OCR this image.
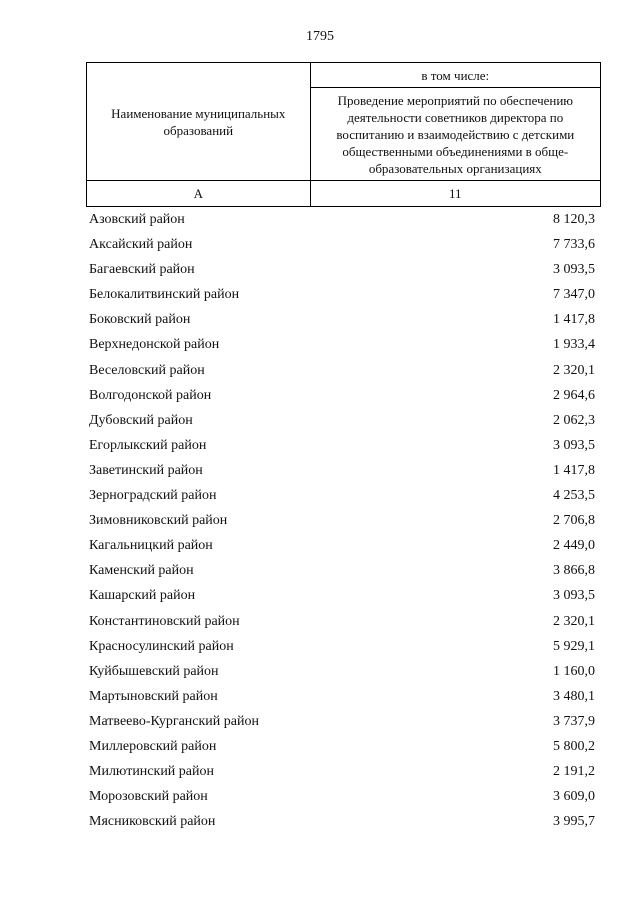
1795
Наименование муниципальных образований	в том числе:
	Проведение мероприятий по обеспечению деятельности советников директора по воспитанию и взаимодействию с детскими общественными объединениями в обще-образовательных организациях
А	11
Азовский район	8 120,3
Аксайский район	7 733,6
Багаевский район	3 093,5
Белокалитвинский район	7 347,0
Боковский район	1 417,8
Верхнедонской район	1 933,4
Веселовский район	2 320,1
Волгодонской район	2 964,6
Дубовский район	2 062,3
Егорлыкский район	3 093,5
Заветинский район	1 417,8
Зерноградский район	4 253,5
Зимовниковский район	2 706,8
Кагальницкий район	2 449,0
Каменский район	3 866,8
Кашарский район	3 093,5
Константиновский район	2 320,1
Красносулинский район	5 929,1
Куйбышевский район	1 160,0
Мартыновский район	3 480,1
Матвеево-Курганский район	3 737,9
Миллеровский район	5 800,2
Милютинский район	2 191,2
Морозовский район	3 609,0
Мясниковский район	3 995,7
